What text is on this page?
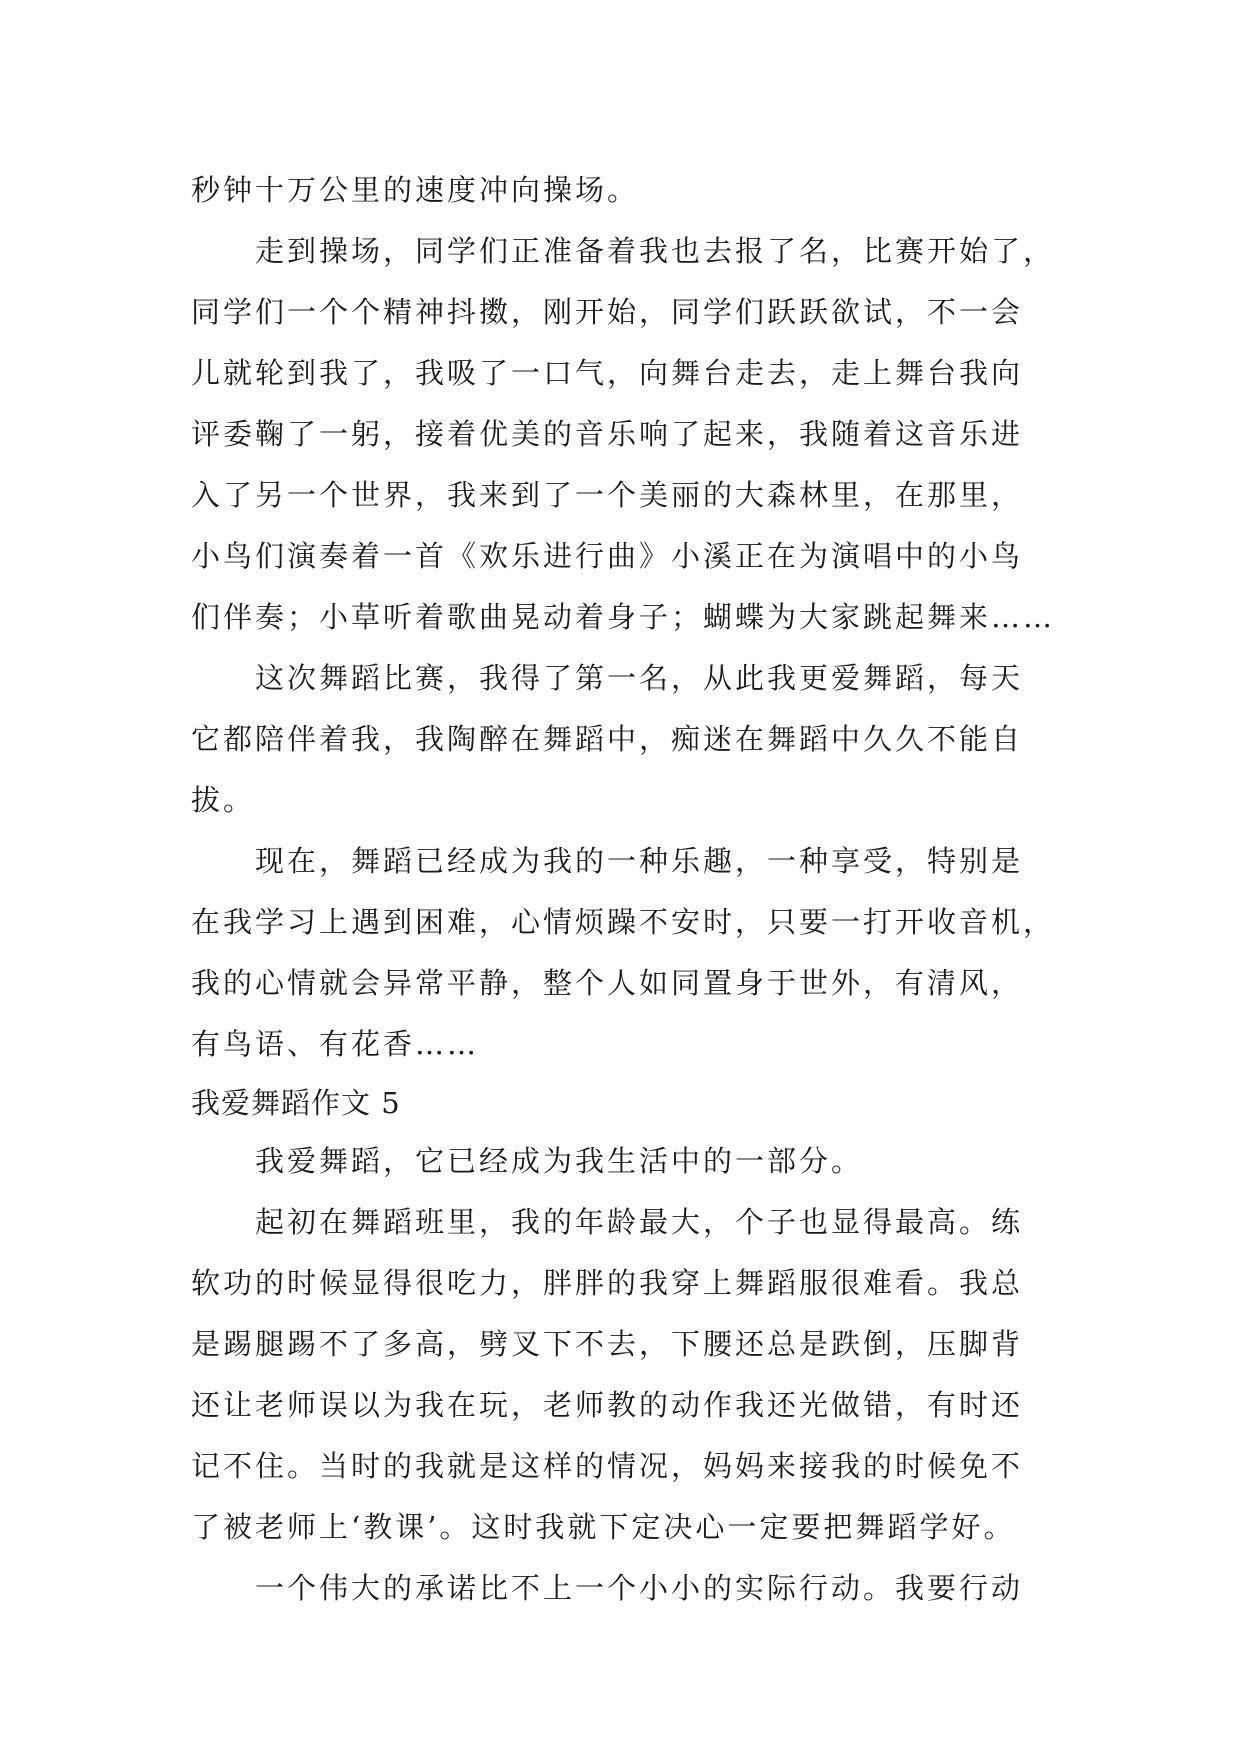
秒钟十万公里的速度冲向操场。
走到操场，同学们正准备着我也去报了名，比赛开始了，
同学们一个个精神抖擞，刚开始，同学们跃跃欲试，不一会
儿就轮到我了，我吸了一口气，向舞台走去，走上舞台我向
评委鞠了一躬，接着优美的音乐响了起来，我随着这音乐进
入了另一个世界，我来到了一个美丽的大森林里，在那里，
小鸟们演奏着一首《欢乐进行曲》小溪正在为演唱中的小鸟
们伴奏；小草听着歌曲晃动着身子；蝴蝶为大家跳起舞来……
这次舞蹈比赛，我得了第一名，从此我更爱舞蹈，每天
它都陪伴着我，我陶醉在舞蹈中，痴迷在舞蹈中久久不能自
拔。
现在，舞蹈已经成为我的一种乐趣，一种享受，特别是
在我学习上遇到困难，心情烦躁不安时，只要一打开收音机，
我的心情就会异常平静，整个人如同置身于世外，有清风，
有鸟语、有花香……
我爱舞蹈作文 5
我爱舞蹈，它已经成为我生活中的一部分。
起初在舞蹈班里，我的年龄最大，个子也显得最高。练
软功的时候显得很吃力，胖胖的我穿上舞蹈服很难看。我总
是踢腿踢不了多高，劈叉下不去，下腰还总是跌倒，压脚背
还让老师误以为我在玩，老师教的动作我还光做错，有时还
记不住。当时的我就是这样的情况，妈妈来接我的时候免不
了被老师上‘教课’。这时我就下定决心一定要把舞蹈学好。
一个伟大的承诺比不上一个小小的实际行动。我要行动
